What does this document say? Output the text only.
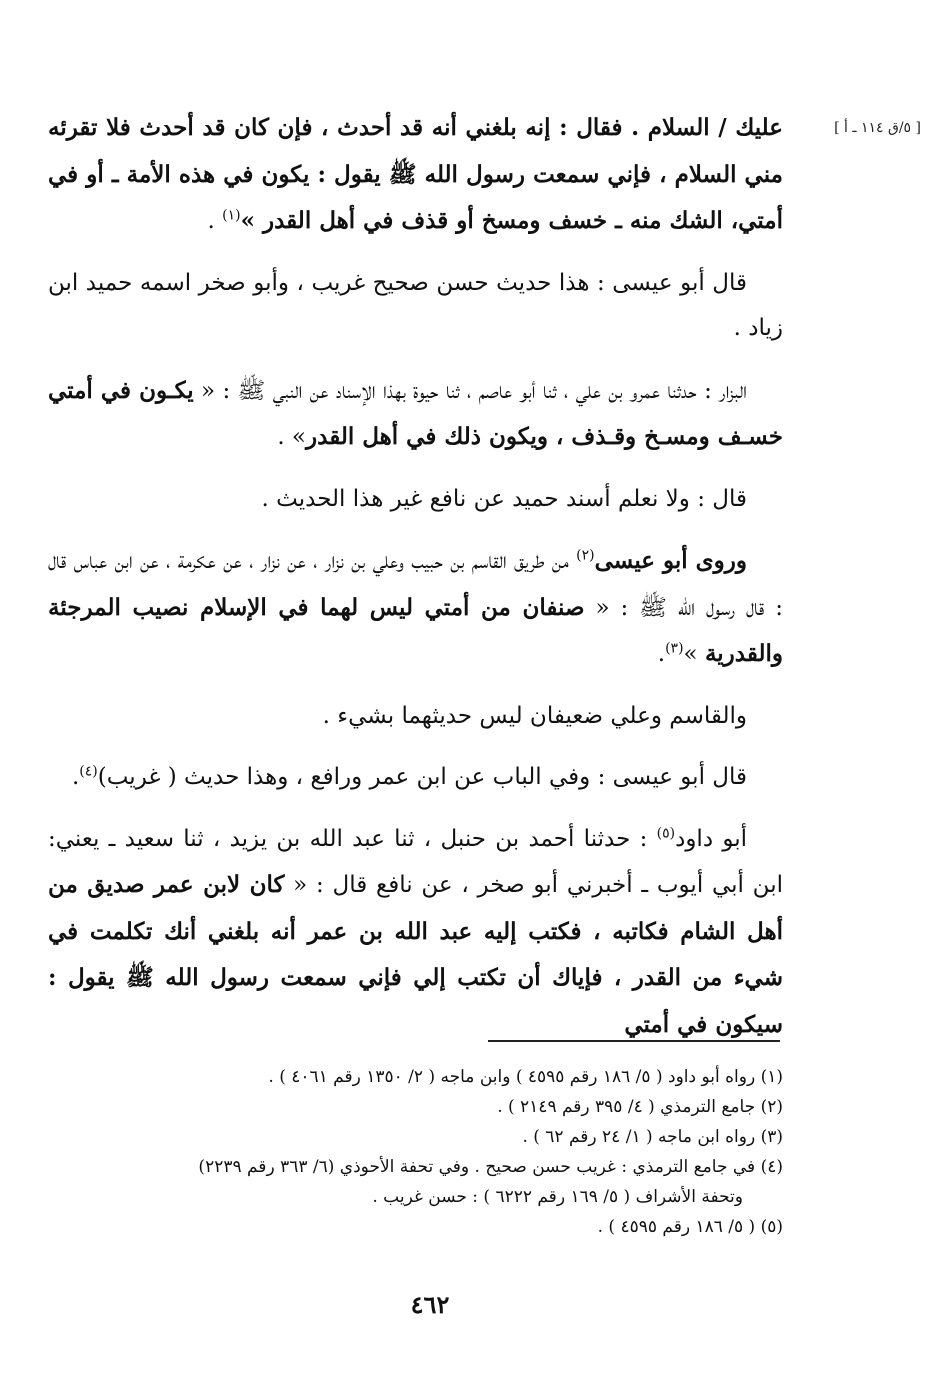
[ ٥/ق ١١٤ ـ أ ]

عليك / السلام . فقال : إنه بلغني أنه قد أحدث ، فإن كان قد أحدث فلا تقرئه مني السلام ، فإني سمعت رسول الله ﷺ يقول : يكون في هذه الأمة ـ أو في أمتي، الشك منه ـ خسف ومسخ أو قذف في أهل القدر »$^{(١)}$ .

قال أبو عيسى : هذا حديث حسن صحيح غريب ، وأبو صخر اسمه حميد ابن زياد .

البزار : حدثنا عمرو بن علي ، ثنا أبو عاصم ، ثنا حيوة بهذا الإسناد عن النبي ﷺ : « يكـون في أمتي خسـف ومسـخ وقـذف ، ويكون ذلك في أهل القدر» .

قال : ولا نعلم أسند حميد عن نافع غير هذا الحديث .

وروى أبو عيسى$^{(٢)}$ من طريق القاسم بن حبيب وعلي بن نزار ، عن نزار ، عن عكرمة ، عن ابن عباس قال : قال رسول الله ﷺ : « صنفان من أمتي ليس لهما في الإسلام نصيب المرجئة والقدرية »$^{(٣)}$.

والقاسم وعلي ضعيفان ليس حديثهما بشيء .

قال أبو عيسى : وفي الباب عن ابن عمر ورافع ، وهذا حديث ( غريب)$^{(٤)}$.

أبو داود$^{(٥)}$ : حدثنا أحمد بن حنبل ، ثنا عبد الله بن يزيد ، ثنا سعيد ـ يعني: ابن أبي أيوب ـ أخبرني أبو صخر ، عن نافع قال : « كان لابن عمر صديق من أهل الشام فكاتبه ، فكتب إليه عبد الله بن عمر أنه بلغني أنك تكلمت في شيء من القدر ، فإياك أن تكتب إلي فإني سمعت رسول الله ﷺ يقول : سيكون في أمتي

(١) رواه أبو داود ( ٥/ ١٨٦ رقم ٤٥٩٥ ) وابن ماجه ( ٢/ ١٣٥٠ رقم ٤٠٦١ ) .

(٢) جامع الترمذي ( ٤/ ٣٩٥ رقم ٢١٤٩ ) .

(٣) رواه ابن ماجه ( ١/ ٢٤ رقم ٦٢ ) .

(٤) في جامع الترمذي : غريب حسن صحيح . وفي تحفة الأحوذي (٦/ ٣٦٣ رقم ٢٢٣٩)

وتحفة الأشراف ( ٥/ ١٦٩ رقم ٦٢٢٢ ) : حسن غريب .

(٥) ( ٥/ ١٨٦ رقم ٤٥٩٥ ) .

٤٦٢
